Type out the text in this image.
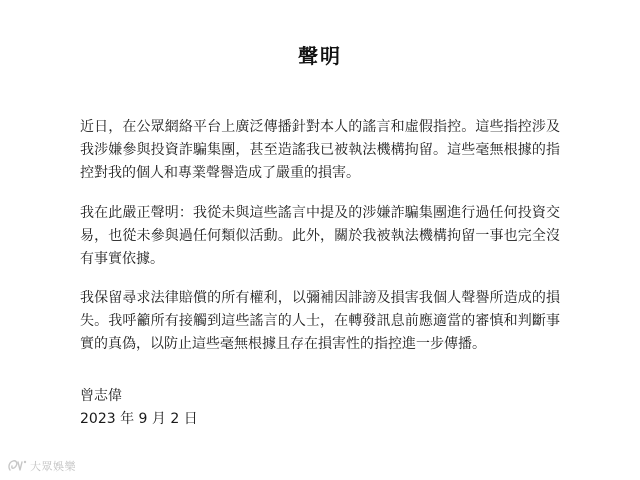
聲明
近日，在公眾網絡平台上廣泛傳播針對本人的謠言和虛假指控。這些指控涉及我涉嫌參與投資詐騙集團，甚至造謠我已被執法機構拘留。這些毫無根據的指控對我的個人和專業聲譽造成了嚴重的損害。
我在此嚴正聲明：我從未與這些謠言中提及的涉嫌詐騙集團進行過任何投資交易，也從未參與過任何類似活動。此外，關於我被執法機構拘留一事也完全沒有事實依據。
我保留尋求法律賠償的所有權利，以彌補因誹謗及損害我個人聲譽所造成的損失。我呼籲所有接觸到這些謠言的人士，在轉發訊息前應適當的審慎和判斷事實的真偽，以防止這些毫無根據且存在損害性的指控進一步傳播。
曾志偉
2023 年 9 月 2 日
大眾娛樂
